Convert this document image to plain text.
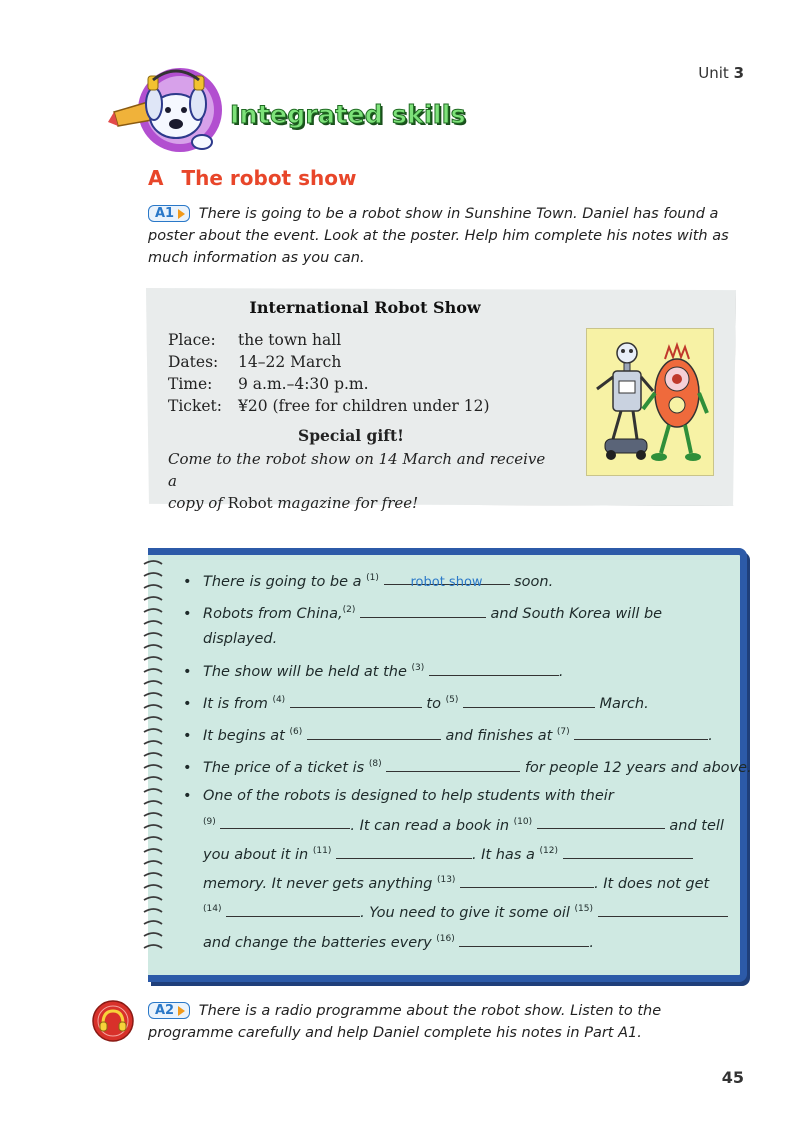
Unit 3
Integrated skills
A The robot show
A1 There is going to be a robot show in Sunshine Town. Daniel has found a poster about the event. Look at the poster. Help him complete his notes with as much information as you can.
International Robot Show
Place: the town hall
Dates: 14–22 March
Time: 9 a.m.–4:30 p.m.
Ticket: ¥20 (free for children under 12)
Special gift!
Come to the robot show on 14 March and receive a
copy of Robot magazine for free!
• There is going to be a $^{(1)}$ robot show soon.
• Robots from China,$^{(2)}$	and South Korea will be
displayed.
• The show will be held at the $^{(3)}$	.
• It is from $^{(4)}$	to $^{(5)}$	March.
• It begins at $^{(6)}$	and finishes at $^{(7)}$	.
• The price of a ticket is $^{(8)}$	for people 12 years and above.
• One of the robots is designed to help students with their
$^{(9)}$	. It can read a book in $^{(10)}$	and tell
you about it in $^{(11)}$	. It has a $^{(12)}$
memory. It never gets anything $^{(13)}$	. It does not get
$^{(14)}$	. You need to give it some oil $^{(15)}$
and change the batteries every $^{(16)}$	.
A2 There is a radio programme about the robot show. Listen to the programme carefully and help Daniel complete his notes in Part A1.
45
